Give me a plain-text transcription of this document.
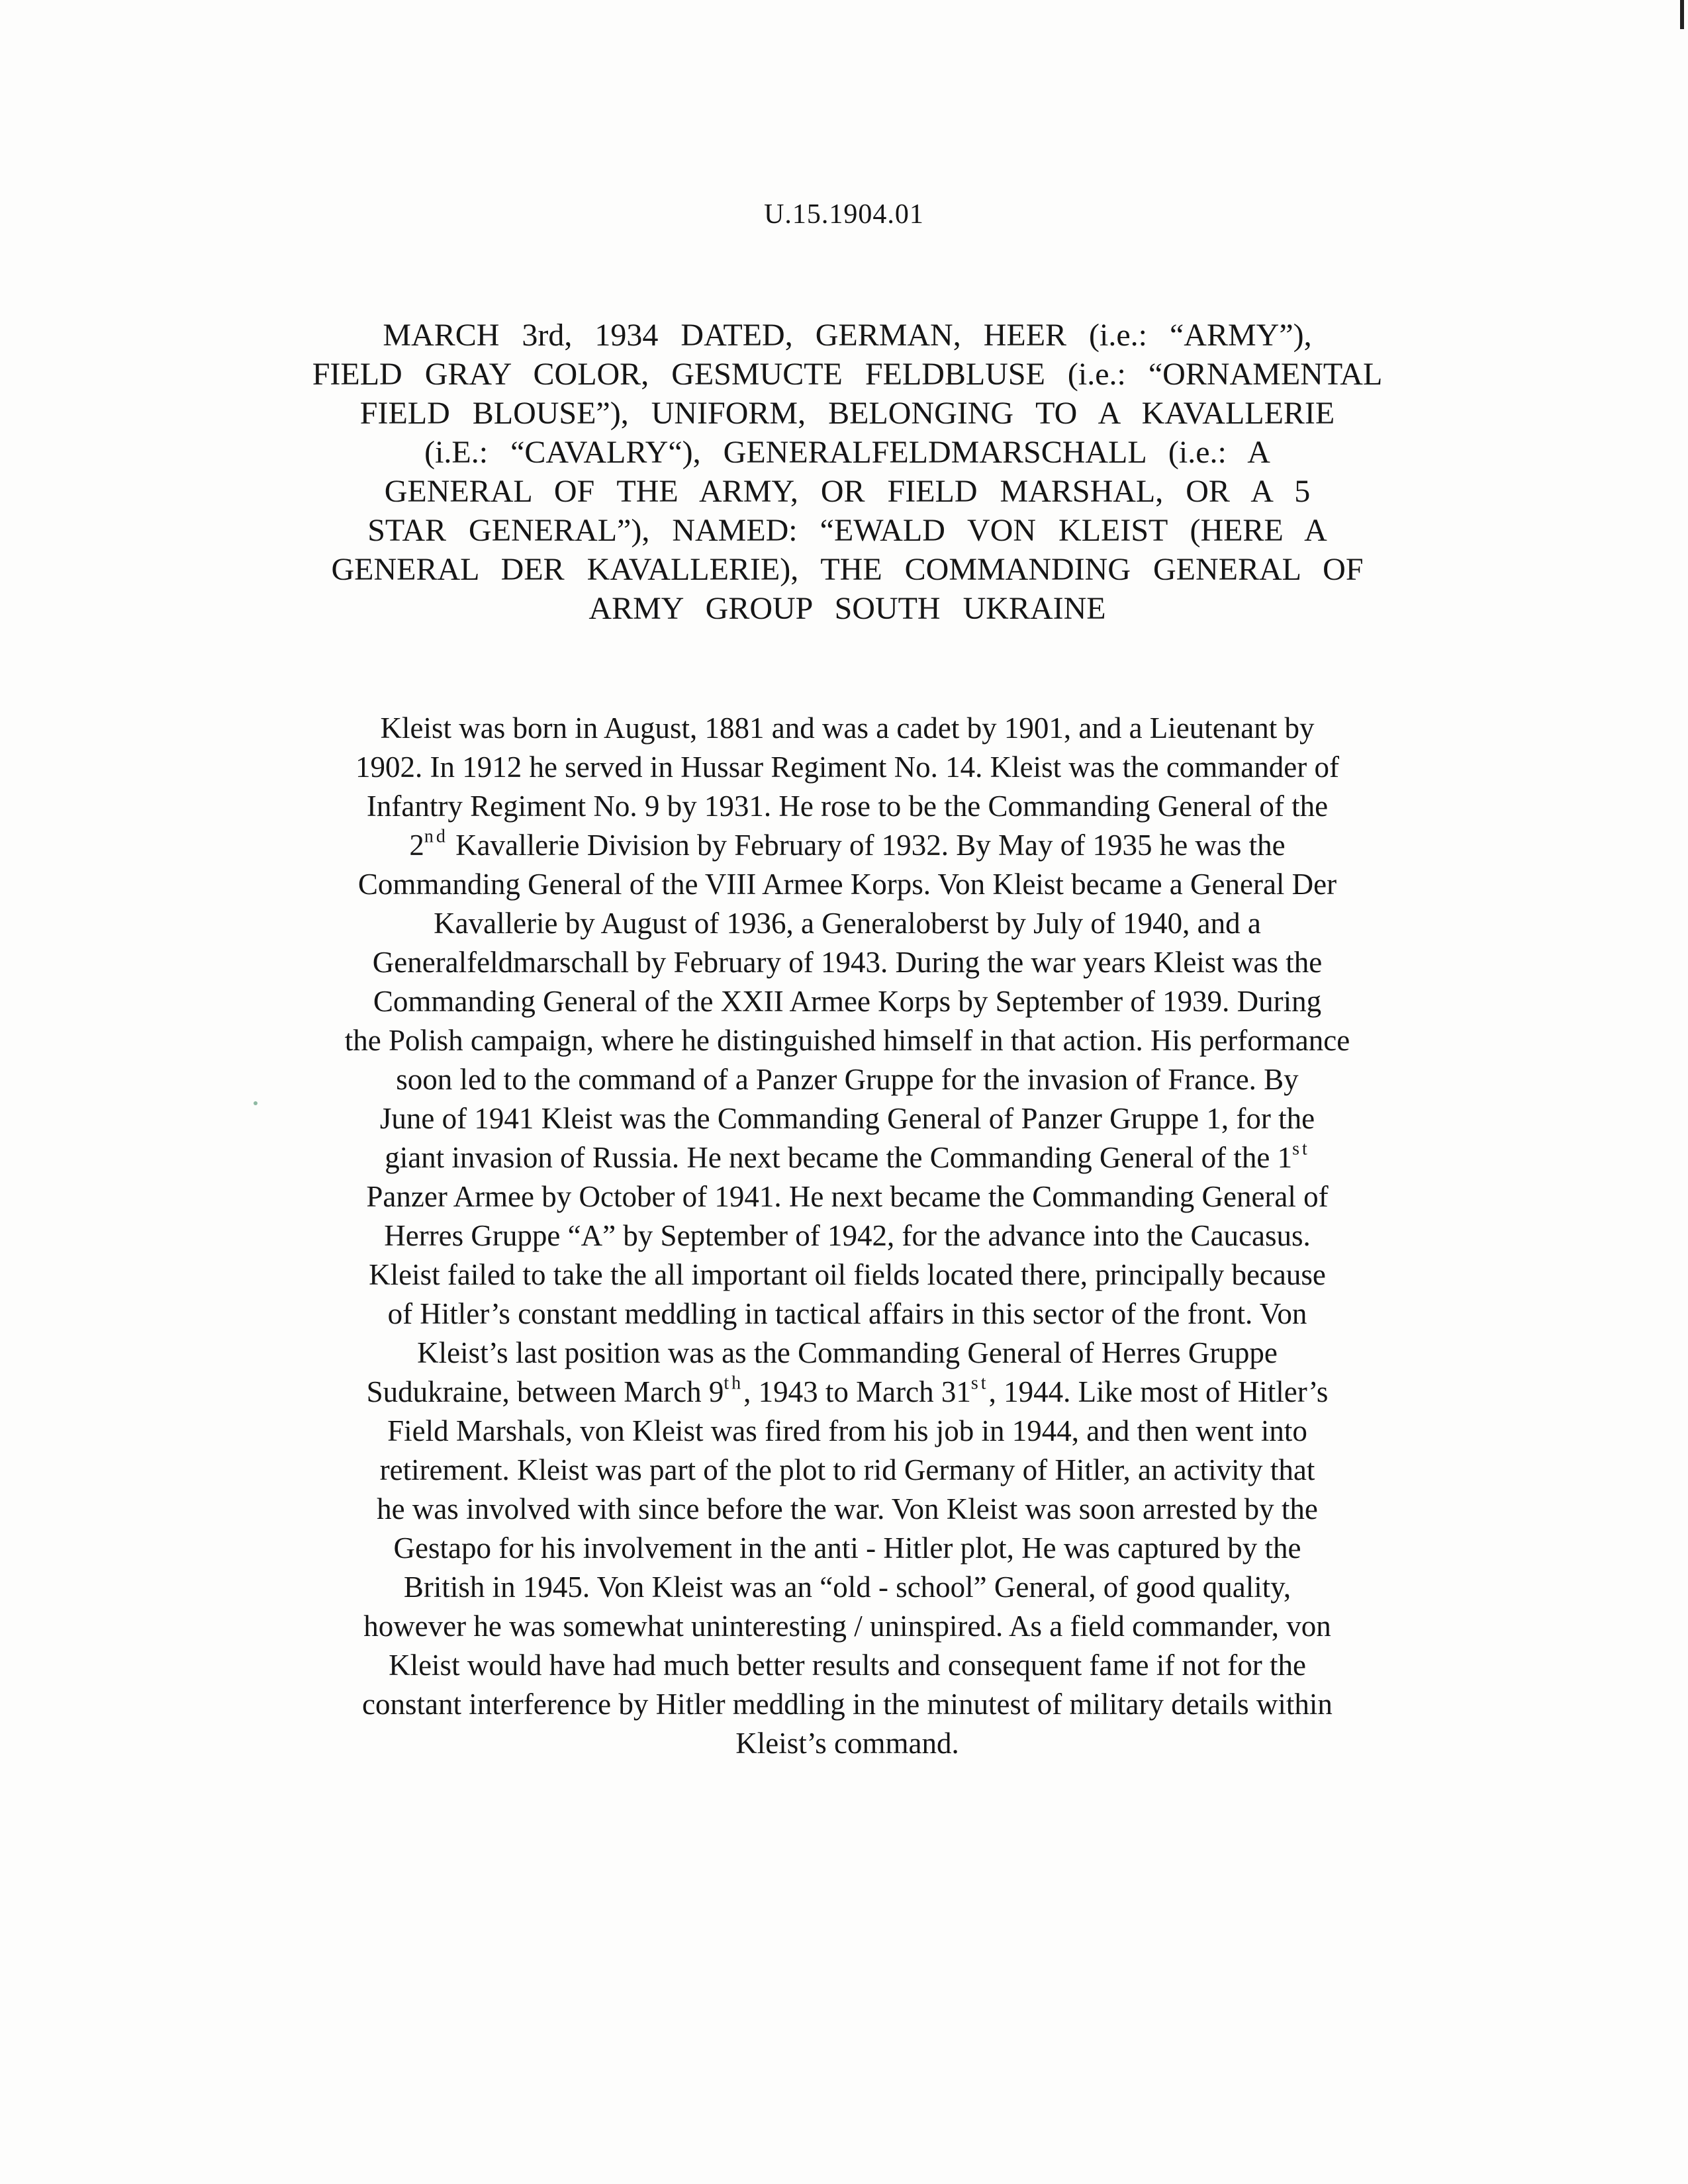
U.15.1904.01
MARCH 3rd, 1934 DATED, GERMAN, HEER (i.e.: “ARMY”),
FIELD GRAY COLOR, GESMUCTE FELDBLUSE (i.e.: “ORNAMENTAL
FIELD BLOUSE”), UNIFORM, BELONGING TO A KAVALLERIE
(i.E.: “CAVALRY“), GENERALFELDMARSCHALL (i.e.: A
GENERAL OF THE ARMY, OR FIELD MARSHAL, OR A 5
STAR GENERAL”), NAMED: “EWALD VON KLEIST (HERE A
GENERAL DER KAVALLERIE), THE COMMANDING GENERAL OF
ARMY GROUP SOUTH UKRAINE
Kleist was born in August, 1881 and was a cadet by 1901, and a Lieutenant by
1902. In 1912 he served in Hussar Regiment No. 14. Kleist was the commander of
Infantry Regiment No. 9 by 1931. He rose to be the Commanding General of the
2nd Kavallerie Division by February of 1932. By May of 1935 he was the
Commanding General of the VIII Armee Korps. Von Kleist became a General Der
Kavallerie by August of 1936, a Generaloberst by July of 1940, and a
Generalfeldmarschall by February of 1943. During the war years Kleist was the
Commanding General of the XXII Armee Korps by September of 1939. During
the Polish campaign, where he distinguished himself in that action. His performance
soon led to the command of a Panzer Gruppe for the invasion of France. By
June of 1941 Kleist was the Commanding General of Panzer Gruppe 1, for the
giant invasion of Russia. He next became the Commanding General of the 1st
Panzer Armee by October of 1941. He next became the Commanding General of
Herres Gruppe “A” by September of 1942, for the advance into the Caucasus.
Kleist failed to take the all important oil fields located there, principally because
of Hitler’s constant meddling in tactical affairs in this sector of the front. Von
Kleist’s last position was as the Commanding General of Herres Gruppe
Sudukraine, between March 9th, 1943 to March 31st, 1944. Like most of Hitler’s
Field Marshals, von Kleist was fired from his job in 1944, and then went into
retirement. Kleist was part of the plot to rid Germany of Hitler, an activity that
he was involved with since before the war. Von Kleist was soon arrested by the
Gestapo for his involvement in the anti - Hitler plot, He was captured by the
British in 1945. Von Kleist was an “old - school” General, of good quality,
however he was somewhat uninteresting / uninspired. As a field commander, von
Kleist would have had much better results and consequent fame if not for the
constant interference by Hitler meddling in the minutest of military details within
Kleist’s command.
